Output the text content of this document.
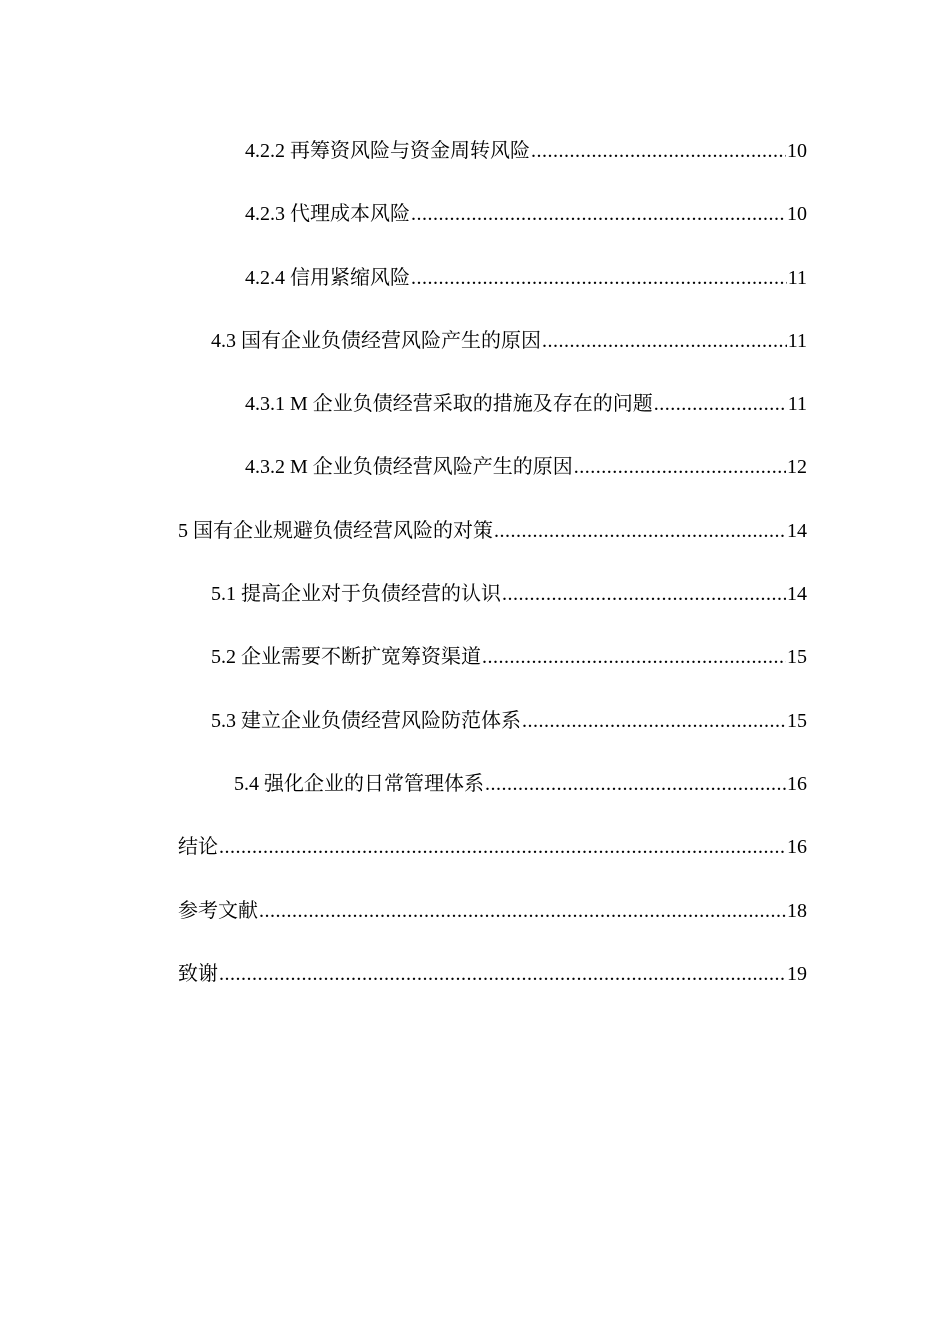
4.2.2 再筹资风险与资金周转风险 .....	10
4.2.3 代理成本风险 .....	10
4.2.4 信用紧缩风险 .....	11
4.3 国有企业负债经营风险产生的原因 .....	11
4.3.1 M 企业负债经营采取的措施及存在的问题 .....	11
4.3.2 M 企业负债经营风险产生的原因 .....	12
5 国有企业规避负债经营风险的对策 .....	14
5.1 提高企业对于负债经营的认识 .....	14
5.2 企业需要不断扩宽筹资渠道 .....	15
5.3 建立企业负债经营风险防范体系 .....	15
5.4 强化企业的日常管理体系 .....	16
结论 .....	16
参考文献 .....	18
致谢 .....	19
